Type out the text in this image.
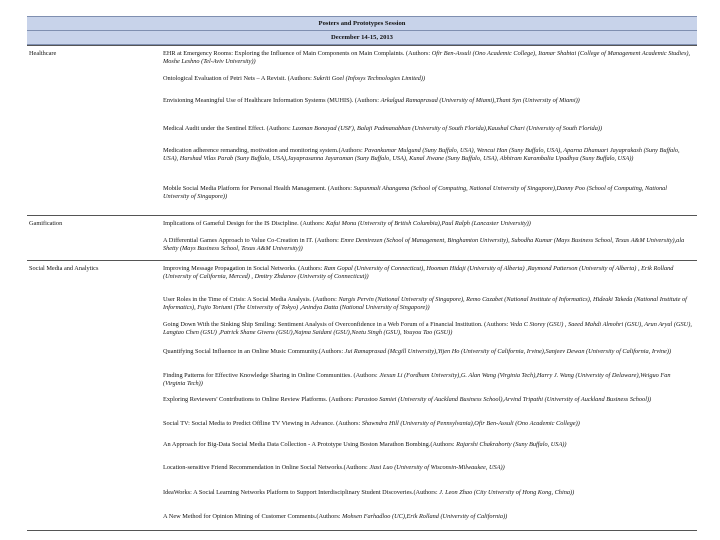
Posters and Prototypes Session
December 14-15, 2013
Healthcare	EHR at Emergency Rooms: Exploring the Influence of Main Components on Main Complaints. (Authors: Ofir Ben-Assuli (Ono Academic College), Itamar Shabtai (College of Management Academic Studies), Moshe Leshno (Tel-Aviv University))
Ontological Evaluation of Petri Nets – A Revisit. (Authors: Sukriti Goel (Infosys Technologies Limited))
Envisioning Meaningful Use of Healthcare Information Systems (MUHIS). (Authors: Arkalgud Ramaprasad (University of Miami),Thant Syn (University of Miami))
Medical Audit under the Sentinel Effect. (Authors: Laxman Bonayad (USF), Balaji Padmanabhan (University of South Florida),Kaushal Chari (University of South Florida))
Medication adherence remanding, motivation and monitoring system.(Authors: Pavankumar Mulgund (Suny Buffalo, USA), Wencui Han (Suny Buffalo, USA), Aparna Dhanuari Jayaprakash (Suny Buffalo, USA), Harshad Vilas Parab (Suny Buffalo, USA),Jayaprasanna Jayaraman (Suny Buffalo, USA), Kunal Jiwane (Suny Buffalo, USA), Abhiram Karambalia Upadhya (Suny Buffalo, USA))
Mobile Social Media Platform for Personal Health Management. (Authors: Supunmali Ahangama (School of Computing, National University of Singapore),Danny Poo (School of Computing, National University of Singapore))
Gamification	Implications of Gameful Design for the IS Discipline. (Authors: Kafui Monu (University of British Columbia),Paul Ralph (Lancaster University))
A Differential Games Approach to Value Co-Creation in IT. (Authors: Emre Demirezen (School of Management, Binghamton University), Subodha Kumar (Mays Business School, Texas A&M University),ala Shetty (Mays Business School, Texas A&M University))
Social Media and Analytics	Improving Message Propagation in Social Networks. (Authors: Ram Gopal (University of Connecticut), Hooman Hidaji (University of Alberta) ,Raymond Patterson (University of Alberta) , Erik Rolland (University of California, Merced) , Dmitry Zhdanov (University of Connecticut))
User Roles in the Time of Crisis: A Social Media Analysis. (Authors: Nargis Pervin (National University of Singapore), Remo Cazabet (National Institute of Informatics), Hideaki Takeda (National Institute of Informatics), Fujio Toriumi (The University of Tokyo) ,Anindya Datta (National University of Singapore))
Going Down With the Sinking Ship Smiling: Sentiment Analysis of Overconfidence in a Web Forum of a Financial Institution. (Authors: Veda C Storey (GSU) , Saeed Mahdi Almohri (GSU), Arun Aryal (GSU), Langtao Chen (GSU) ,Patrick Shane Givens (GSU),Najma Saidani (GSU),Neetu Singh (GSU), Youyou Tao (GSU))
Quantifying Social Influence in an Online Music Community.(Authors: Jui Ramaprasad (Mcgill University),Yijen Ho (University of California, Irvine),Sanjeev Dewan (University of California, Irvine))
Finding Patterns for Effective Knowledge Sharing in Online Communities. (Authors: Jiexun Li (Fordham University),G. Alan Wang (Virginia Tech),Harry J. Wang (University of Delaware),Weiguo Fan (Virginia Tech))
Exploring Reviewers' Contributions to Online Review Platforms. (Authors: Parastoo Samiei (University of Auckland Business School),Arvind Tripathi (University of Auckland Business School))
Social TV: Social Media to Predict Offline TV Viewing in Advance. (Authors: Shawndra Hill (University of Pennsylvania),Ofir Ben-Assuli (Ono Academic College))
An Approach for Big-Data Social Media Data Collection - A Prototype Using Boston Marathon Bombing.(Authors: Rajarshi Chakraborty (Suny Buffalo, USA))
Location-sensitive Friend Recommendation in Online Social Networks.(Authors: Jiasi Luo (University of Wisconsin-Milwaukee, USA))
IdeaWorks: A Social Learning Networks Platform to Support Interdisciplinary Student Discoveries.(Authors: J. Leon Zhao (City University of Hong Kong, China))
A New Method for Opinion Mining of Customer Comments.(Authors: Mohsen Farhadloo (UC),Erik Rolland (University of California))
